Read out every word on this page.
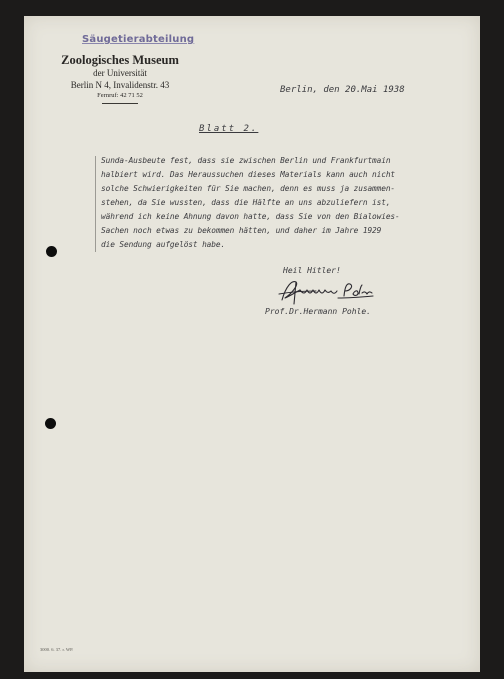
Säugetierabteilung
Zoologisches Museum
der Universität
Berlin N 4, Invalidenstr. 43
Fernruf: 42 71 52
Berlin, den 20.Mai 1938
Blatt 2.
Sunda-Ausbeute fest, dass sie zwischen Berlin und Frankfurtmain
halbiert wird. Das Heraussuchen dieses Materials kann auch nicht
solche Schwierigkeiten für Sie machen, denn es muss ja zusammen-
stehen, da Sie wussten, dass die Hälfte an uns abzuliefern ist,
während ich keine Ahnung davon hatte, dass Sie von den Bialowies-
Sachen noch etwas zu bekommen hätten, und daher im Jahre 1929
die Sendung aufgelöst habe.
Heil Hitler!
Prof.Dr.Hermann Pohle.
3000. 6. 37. r. WP.
